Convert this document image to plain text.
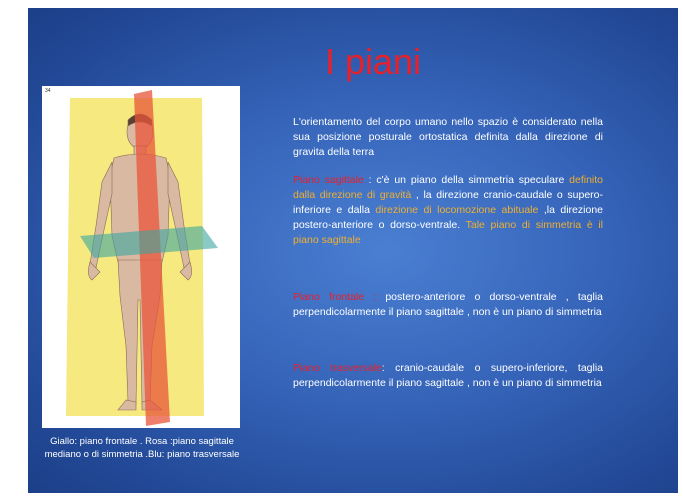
I piani
34
Giallo: piano frontale . Rosa :piano sagittale mediano o di simmetria .Blu: piano trasversale
L'orientamento del corpo umano nello spazio è considerato nella sua posizione posturale ortostatica definita dalla direzione di gravita della terra
Piano sagittale : c'è un piano della simmetria speculare definito dalla direzione di gravità , la direzione cranio-caudale o supero-inferiore e dalla direzione di locomozione abituale ,la direzione postero-anteriore o dorso-ventrale. Tale piano di simmetria è il piano sagittale
Piano frontale : postero-anteriore o dorso-ventrale , taglia perpendicolarmente il piano sagittale , non è un piano di simmetria
Piano trasversale: cranio-caudale o supero-inferiore, taglia perpendicolarmente il piano sagittale , non è un piano di simmetria
